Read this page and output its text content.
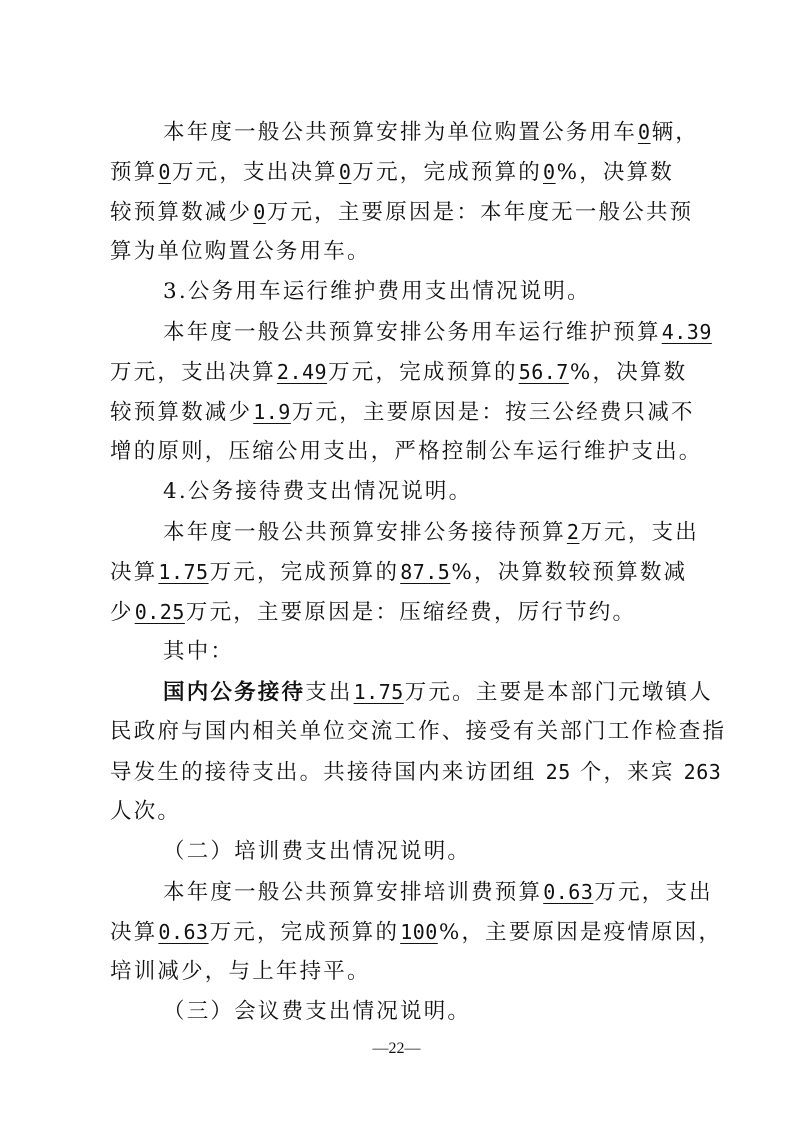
本年度一般公共预算安排为单位购置公务用车0辆，
预算0万元，支出决算0万元，完成预算的0%，决算数
较预算数减少0万元，主要原因是：本年度无一般公共预
算为单位购置公务用车。
3.公务用车运行维护费用支出情况说明。
本年度一般公共预算安排公务用车运行维护预算4.39
万元，支出决算2.49万元，完成预算的56.7%，决算数
较预算数减少1.9万元，主要原因是：按三公经费只减不
增的原则，压缩公用支出，严格控制公车运行维护支出。
4.公务接待费支出情况说明。
本年度一般公共预算安排公务接待预算2万元，支出
决算1.75万元，完成预算的87.5%，决算数较预算数减
少0.25万元，主要原因是：压缩经费，厉行节约。
其中：
国内公务接待支出1.75万元。主要是本部门元墩镇人
民政府与国内相关单位交流工作、接受有关部门工作检查指
导发生的接待支出。共接待国内来访团组 25 个，来宾 263
人次。
（二）培训费支出情况说明。
本年度一般公共预算安排培训费预算0.63万元，支出
决算0.63万元，完成预算的100%，主要原因是疫情原因，
培训减少，与上年持平。
（三）会议费支出情况说明。
—22—
